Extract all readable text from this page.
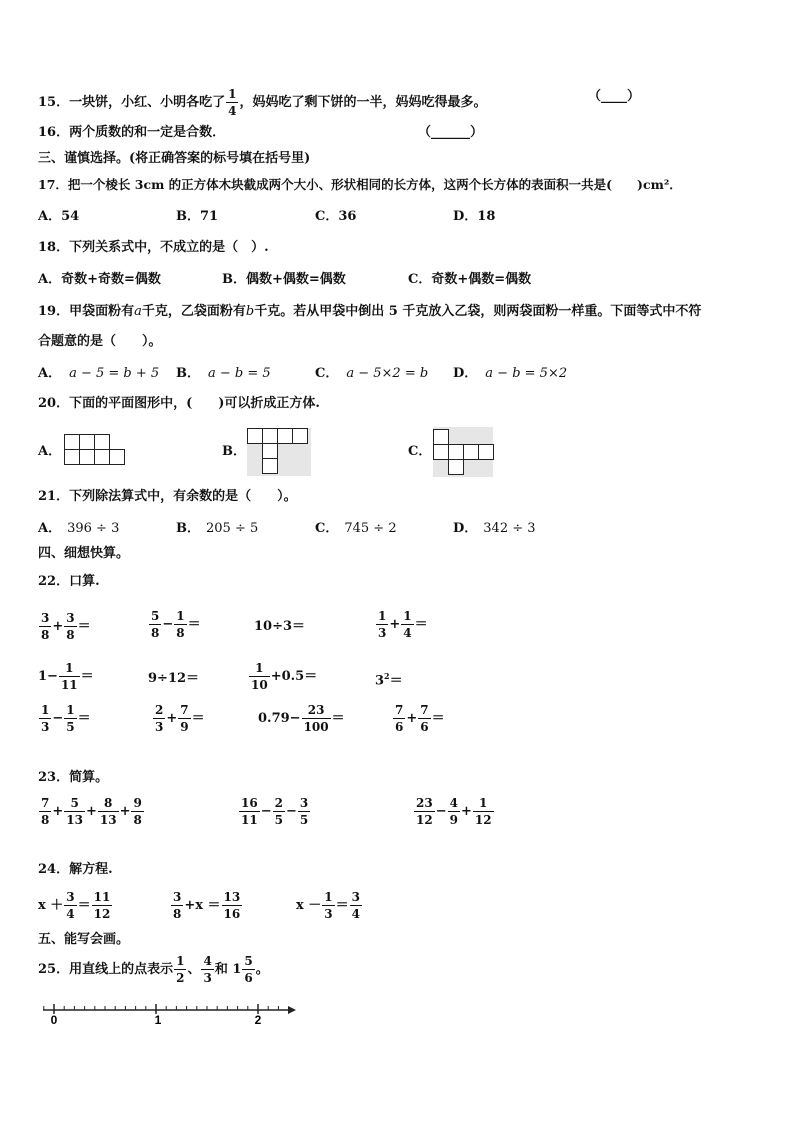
15．一块饼，小红、小明各吃了 $\frac{1}{4}$ ，妈妈吃了剩下饼的一半，妈妈吃得最多。	（____）
16．两个质数的和一定是合数．	（______）
三、谨慎选择。(将正确答案的标号填在括号里)
17．把一个棱长 3cm 的正方体木块截成两个大小、形状相同的长方体，这两个长方体的表面积一共是(　　)cm²．
A．54	B．71	C．36	D．18
18．下列关系式中，不成立的是（　）.
A．奇数+奇数=偶数	B．偶数+偶数=偶数	C．奇数+偶数=偶数
19．甲袋面粉有a千克，乙袋面粉有b千克。若从甲袋中倒出 5 千克放入乙袋，则两袋面粉一样重。下面等式中不符
合题意的是（　　）。
A． a − 5 = b + 5 B． a − b = 5	C． a − 5×2 = b D． a − b = 5×2
20．下面的平面图形中，(　　)可以折成正方体.
A．	B．	C．
21．下列除法算式中，有余数的是（　　）。
A． 396 ÷ 3	B． 205 ÷ 5	C． 745 ÷ 2	D． 342 ÷ 3
四、细想快算。
22．口算.
$\frac{3}{8} + \frac{3}{8}$ ＝	$\frac{5}{8} - \frac{1}{8}$ ＝	10÷3＝	$\frac{1}{3} + \frac{1}{4}$ ＝
$1- \frac{1}{11}$ ＝	9÷12＝	$\frac{1}{10} +0.5=$	$3^2=$
$\frac{1}{3} - \frac{1}{5}$ ＝	$\frac{2}{3} + \frac{7}{9}$ ＝	$0.79- \frac{23}{100}$ ＝	$\frac{7}{6} + \frac{7}{6}$ ＝
23．简算。
$\frac{7}{8} + \frac{5}{13} + \frac{8}{13} + \frac{9}{8}$	$\frac{16}{11} - \frac{2}{5} - \frac{3}{5}$	$\frac{23}{12} - \frac{4}{9} + \frac{1}{12}$
24．解方程.
$x + \frac{3}{4} = \frac{11}{12}$	$\frac{3}{8} +x = \frac{13}{16}$	$x - \frac{1}{3} = \frac{3}{4}$
五、能写会画。
25．用直线上的点表示 $\frac{1}{2}$ 、 $\frac{4}{3}$ 和 $1 \frac{5}{6}$ 。
0	1	2
